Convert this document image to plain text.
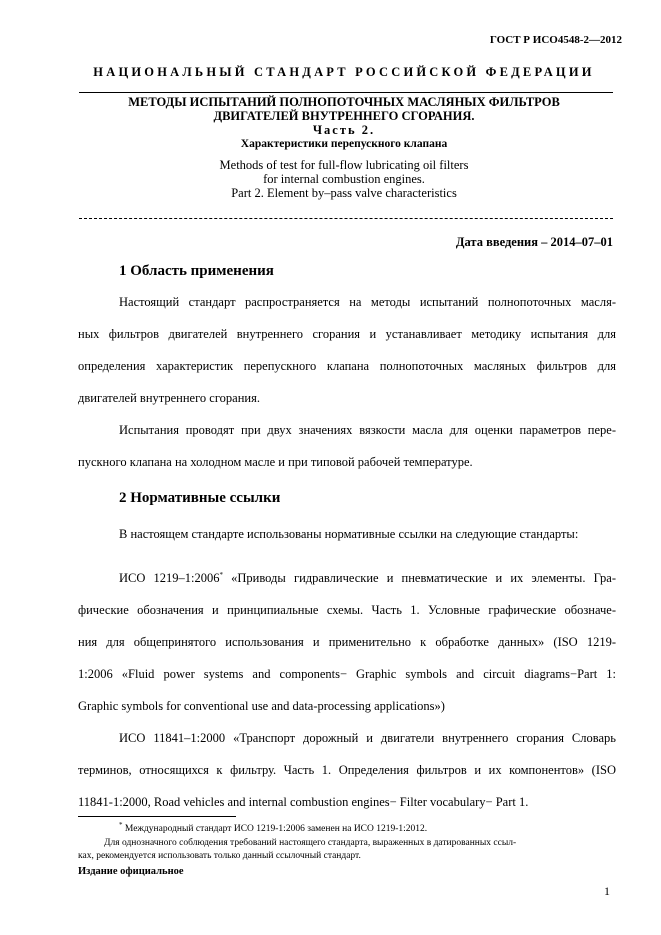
ГОСТ Р ИСО4548-2—2012
НАЦИОНАЛЬНЫЙ СТАНДАРТ РОССИЙСКОЙ ФЕДЕРАЦИИ
МЕТОДЫ ИСПЫТАНИЙ ПОЛНОПОТОЧНЫХ МАСЛЯНЫХ ФИЛЬТРОВ
ДВИГАТЕЛЕЙ ВНУТРЕННЕГО СГОРАНИЯ.
Часть 2.
Характеристики перепускного клапана
Methods of test for full-flow lubricating oil filters
for internal combustion engines.
Part 2. Element by–pass valve characteristics
Дата введения – 2014–07–01
1 Область применения
Настоящий стандарт распространяется на методы испытаний полнопоточных масля-
ных фильтров двигателей внутреннего сгорания и устанавливает методику испытания для
определения характеристик перепускного клапана полнопоточных масляных фильтров для
двигателей внутреннего сгорания.
Испытания проводят при двух значениях вязкости масла для оценки параметров пере-
пускного клапана на холодном масле и при типовой рабочей температуре.
2 Нормативные ссылки
В настоящем стандарте использованы нормативные ссылки на следующие стандарты:
ИСО 1219–1:2006* «Приводы гидравлические и пневматические и их элементы. Гра-
фические обозначения и принципиальные схемы. Часть 1. Условные графические обозначе-
ния для общепринятого использования и применительно к обработке данных» (ISO 1219-
1:2006 «Fluid power systems and components− Graphic symbols and circuit diagrams−Part 1:
Graphic symbols for conventional use and data-processing applications»)
ИСО 11841–1:2000 «Транспорт дорожный и двигатели внутреннего сгорания Словарь
терминов, относящихся к фильтру. Часть 1. Определения фильтров и их компонентов» (ISO
11841-1:2000, Road vehicles and internal combustion engines− Filter vocabulary− Part 1.
* Международный стандарт ИСО 1219-1:2006 заменен на ИСО 1219-1:2012.
Для однозначного соблюдения требований настоящего стандарта, выраженных в датированных ссыл-
ках, рекомендуется использовать только данный ссылочный стандарт.
Издание официальное
1
